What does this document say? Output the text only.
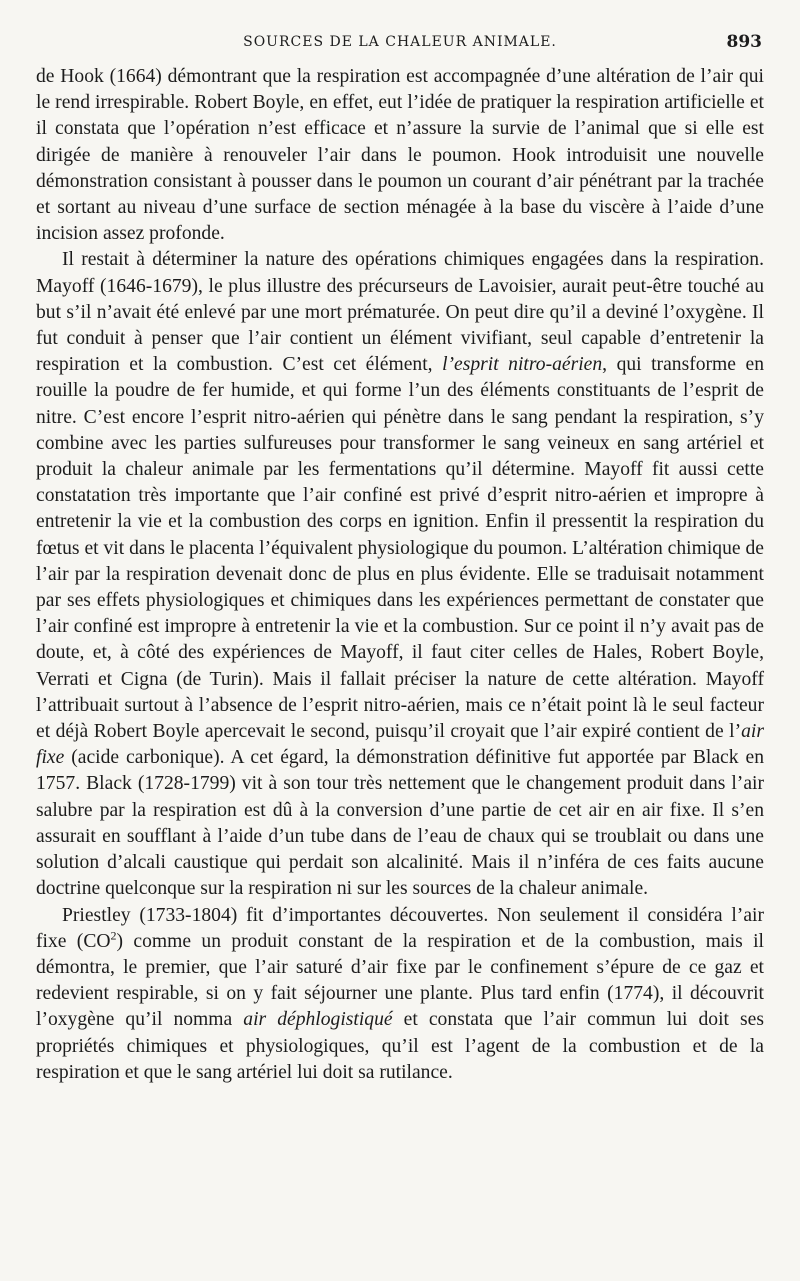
SOURCES DE LA CHALEUR ANIMALE.	893

de Hook (1664) démontrant que la respiration est accompagnée d’une altération de l’air qui le rend irrespirable. Robert Boyle, en effet, eut l’idée de pratiquer la respiration artificielle et il constata que l’opération n’est efficace et n’assure la survie de l’animal que si elle est dirigée de manière à renouveler l’air dans le poumon. Hook introduisit une nouvelle démonstration consistant à pousser dans le poumon un courant d’air pénétrant par la trachée et sortant au niveau d’une surface de section ménagée à la base du viscère à l’aide d’une incision assez profonde.

Il restait à déterminer la nature des opérations chimiques engagées dans la respiration. Mayoff (1646-1679), le plus illustre des précurseurs de Lavoisier, aurait peut-être touché au but s’il n’avait été enlevé par une mort prématurée. On peut dire qu’il a deviné l’oxygène. Il fut conduit à penser que l’air contient un élément vivifiant, seul capable d’entretenir la respiration et la combustion. C’est cet élément, l’esprit nitro-aérien, qui transforme en rouille la poudre de fer humide, et qui forme l’un des éléments constituants de l’esprit de nitre. C’est encore l’esprit nitro-aérien qui pénètre dans le sang pendant la respiration, s’y combine avec les parties sulfureuses pour transformer le sang veineux en sang artériel et produit la chaleur animale par les fermentations qu’il détermine. Mayoff fit aussi cette constatation très importante que l’air confiné est privé d’esprit nitro-aérien et impropre à entretenir la vie et la combustion des corps en ignition. Enfin il pressentit la respiration du fœtus et vit dans le placenta l’équivalent physiologique du poumon. L’altération chimique de l’air par la respiration devenait donc de plus en plus évidente. Elle se traduisait notamment par ses effets physiologiques et chimiques dans les expériences permettant de constater que l’air confiné est impropre à entretenir la vie et la combustion. Sur ce point il n’y avait pas de doute, et, à côté des expériences de Mayoff, il faut citer celles de Hales, Robert Boyle, Verrati et Cigna (de Turin). Mais il fallait préciser la nature de cette altération. Mayoff l’attribuait surtout à l’absence de l’esprit nitro-aérien, mais ce n’était point là le seul facteur et déjà Robert Boyle apercevait le second, puisqu’il croyait que l’air expiré contient de l’air fixe (acide carbonique). A cet égard, la démonstration définitive fut apportée par Black en 1757. Black (1728-1799) vit à son tour très nettement que le changement produit dans l’air salubre par la respiration est dû à la conversion d’une partie de cet air en air fixe. Il s’en assurait en soufflant à l’aide d’un tube dans de l’eau de chaux qui se troublait ou dans une solution d’alcali caustique qui perdait son alcalinité. Mais il n’inféra de ces faits aucune doctrine quelconque sur la respiration ni sur les sources de la chaleur animale.

Priestley (1733-1804) fit d’importantes découvertes. Non seulement il considéra l’air fixe $(CO^2)$ comme un produit constant de la respiration et de la combustion, mais il démontra, le premier, que l’air saturé d’air fixe par le confinement s’épure de ce gaz et redevient respirable, si on y fait séjourner une plante. Plus tard enfin (1774), il découvrit l’oxygène qu’il nomma air déphlogistiqué et constata que l’air commun lui doit ses propriétés chimiques et physiologiques, qu’il est l’agent de la combustion et de la respiration et que le sang artériel lui doit sa rutilance.
